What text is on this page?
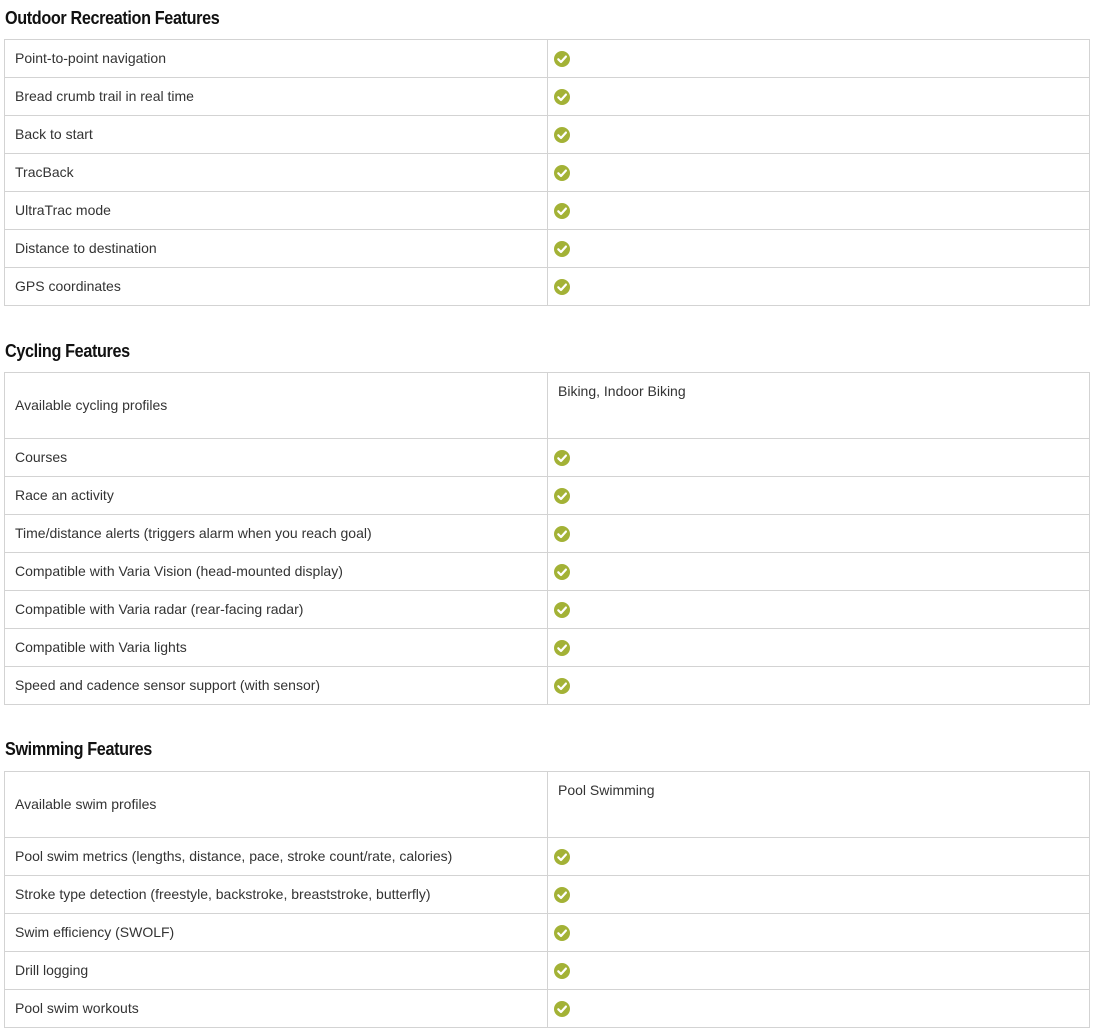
Outdoor Recreation Features
Point-to-point navigation	

Bread crumb trail in real time	

Back to start	

TracBack	

UltraTrac mode	

Distance to destination	

GPS coordinates	
Cycling Features
Available cycling profiles	Biking, Indoor Biking
Courses	

Race an activity	

Time/distance alerts (triggers alarm when you reach goal)	

Compatible with Varia Vision (head-mounted display)	

Compatible with Varia radar (rear-facing radar)	

Compatible with Varia lights	

Speed and cadence sensor support (with sensor)	
Swimming Features
Available swim profiles	Pool Swimming
Pool swim metrics (lengths, distance, pace, stroke count/rate, calories)	

Stroke type detection (freestyle, backstroke, breaststroke, butterfly)	

Swim efficiency (SWOLF)	

Drill logging	

Pool swim workouts	
